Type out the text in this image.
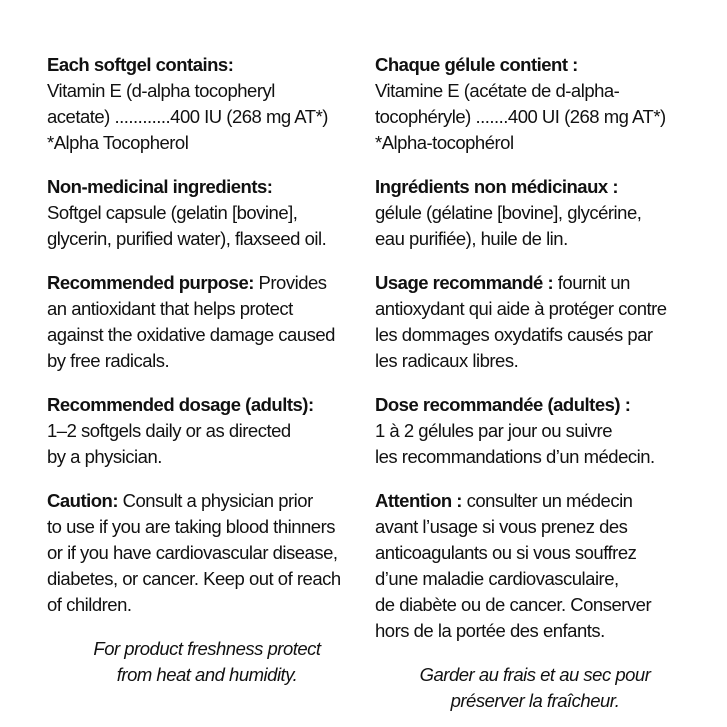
Each softgel contains:

Vitamin E (d-alpha tocopheryl

acetate) ............400 IU (268 mg AT*)

*Alpha Tocopherol

Non-medicinal ingredients:

Softgel capsule (gelatin [bovine],

glycerin, purified water), flaxseed oil.

Recommended purpose: Provides

an antioxidant that helps protect

against the oxidative damage caused

by free radicals.

Recommended dosage (adults):

1–2 softgels daily or as directed

by a physician.

Caution: Consult a physician prior

to use if you are taking blood thinners

or if you have cardiovascular disease,

diabetes, or cancer. Keep out of reach

of children.

For product freshness protect
from heat and humidity.

Chaque gélule contient :

Vitamine E (acétate de d-alpha-

tocophéryle) .......400 UI (268 mg AT*)

*Alpha-tocophérol

Ingrédients non médicinaux :

gélule (gélatine [bovine], glycérine,

eau purifiée), huile de lin.

Usage recommandé : fournit un

antioxydant qui aide à protéger contre

les dommages oxydatifs causés par

les radicaux libres.

Dose recommandée (adultes) :

1 à 2 gélules par jour ou suivre

les recommandations d’un médecin.

Attention : consulter un médecin

avant l’usage si vous prenez des

anticoagulants ou si vous souffrez

d’une maladie cardiovasculaire,

de diabète ou de cancer. Conserver

hors de la portée des enfants.

Garder au frais et au sec pour
préserver la fraîcheur.
